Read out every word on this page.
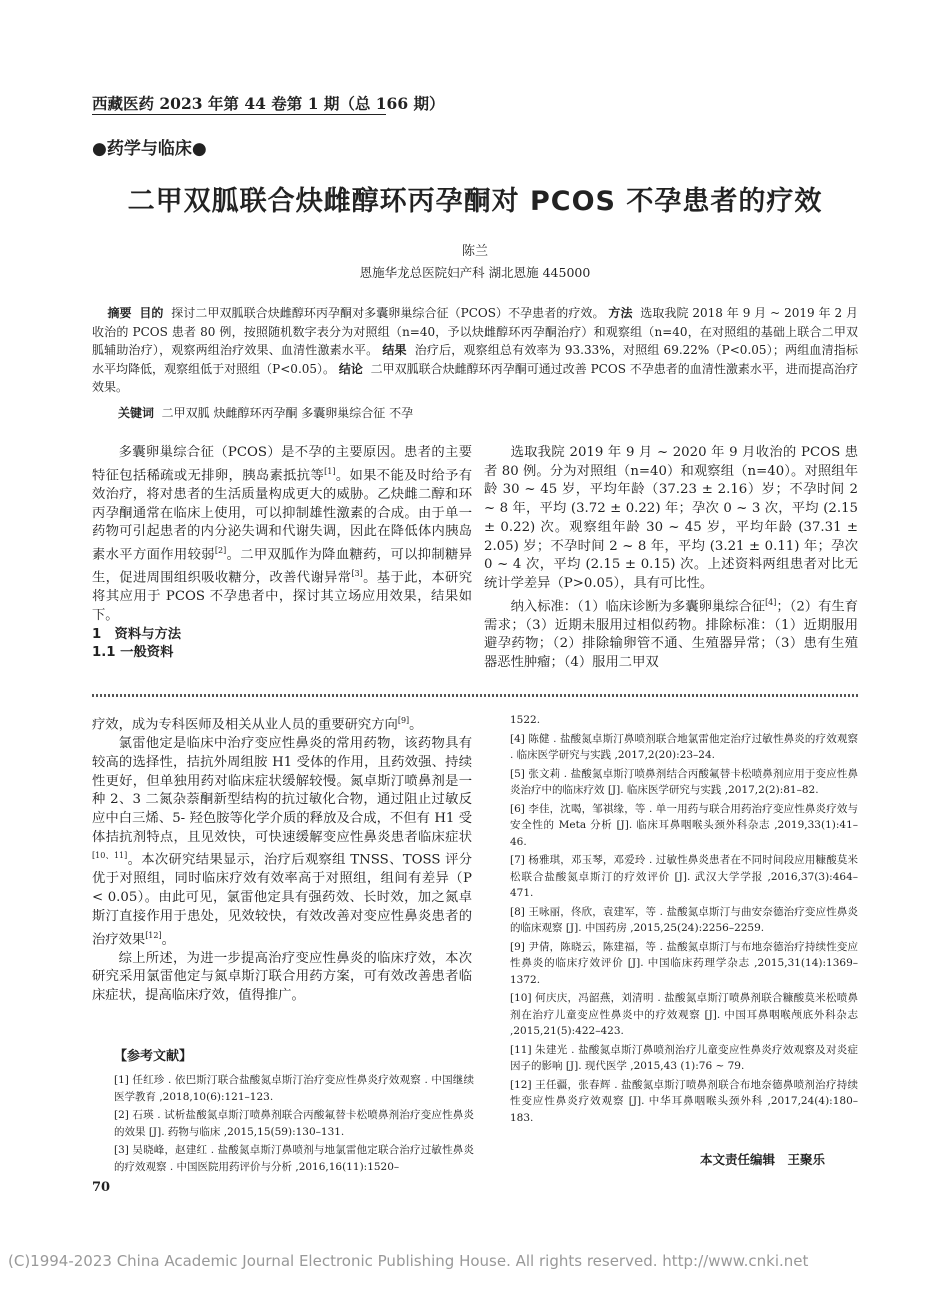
西藏医药 2023 年第 44 卷第 1 期（总 166 期）
●药学与临床●
二甲双胍联合炔雌醇环丙孕酮对 PCOS 不孕患者的疗效
陈兰
恩施华龙总医院妇产科 湖北恩施 445000
摘要 目的 探讨二甲双胍联合炔雌醇环丙孕酮对多囊卵巢综合征（PCOS）不孕患者的疗效。 方法 选取我院 2018 年 9 月 ~ 2019 年 2 月收治的 PCOS 患者 80 例，按照随机数字表分为对照组（n=40，予以炔雌醇环丙孕酮治疗）和观察组（n=40，在对照组的基础上联合二甲双胍辅助治疗），观察两组治疗效果、血清性激素水平。 结果 治疗后，观察组总有效率为 93.33%，对照组 69.22%（P<0.05）；两组血清指标水平均降低，观察组低于对照组（P<0.05）。 结论 二甲双胍联合炔雌醇环丙孕酮可通过改善 PCOS 不孕患者的血清性激素水平，进而提高治疗效果。
关键词 二甲双胍 炔雌醇环丙孕酮 多囊卵巢综合征 不孕

多囊卵巢综合征（PCOS）是不孕的主要原因。患者的主要特征包括稀疏或无排卵，胰岛素抵抗等[1]。如果不能及时给予有效治疗，将对患者的生活质量构成更大的威胁。乙炔雌二醇和环丙孕酮通常在临床上使用，可以抑制雄性激素的合成。由于单一药物可引起患者的内分泌失调和代谢失调，因此在降低体内胰岛素水平方面作用较弱[2]。二甲双胍作为降血糖药，可以抑制糖异生，促进周围组织吸收糖分，改善代谢异常[3]。基于此，本研究将其应用于 PCOS 不孕患者中，探讨其立场应用效果，结果如下。

1　资料与方法

1.1 一般资料

选取我院 2019 年 9 月 ~ 2020 年 9 月收治的 PCOS 患者 80 例。分为对照组（n=40）和观察组（n=40）。对照组年龄 30 ~ 45 岁，平均年龄（37.23 ± 2.16）岁；不孕时间 2 ~ 8 年，平均 (3.72 ± 0.22) 年；孕次 0 ~ 3 次，平均 (2.15 ± 0.22) 次。观察组年龄 30 ~ 45 岁，平均年龄 (37.31 ± 2.05) 岁；不孕时间 2 ~ 8 年，平均 (3.21 ± 0.11) 年；孕次 0 ~ 4 次，平均 (2.15 ± 0.15) 次。上述资料两组患者对比无统计学差异（P>0.05），具有可比性。

纳入标准：（1）临床诊断为多囊卵巢综合征[4]；（2）有生育需求；（3）近期未服用过相似药物。排除标准：（1）近期服用避孕药物；（2）排除输卵管不通、生殖器异常；（3）患有生殖器恶性肿瘤；（4）服用二甲双

疗效，成为专科医师及相关从业人员的重要研究方向[9]。

氯雷他定是临床中治疗变应性鼻炎的常用药物，该药物具有较高的选择性，拮抗外周组胺 H1 受体的作用，且药效强、持续性更好，但单独用药对临床症状缓解较慢。氮卓斯汀喷鼻剂是一种 2、3 二氮杂萘酮新型结构的抗过敏化合物，通过阻止过敏反应中白三烯、5- 羟色胺等化学介质的释放及合成，不但有 H1 受体拮抗剂特点，且见效快，可快速缓解变应性鼻炎患者临床症状[10、11]。本次研究结果显示，治疗后观察组 TNSS、TOSS 评分优于对照组，同时临床疗效有效率高于对照组，组间有差异（P < 0.05）。由此可见，氯雷他定具有强药效、长时效，加之氮卓斯汀直接作用于患处，见效较快，有效改善对变应性鼻炎患者的治疗效果[12]。

综上所述，为进一步提高治疗变应性鼻炎的临床疗效，本次研究采用氯雷他定与氮卓斯汀联合用药方案，可有效改善患者临床症状，提高临床疗效，值得推广。

【参考文献】

[1] 任红珍 . 依巴斯汀联合盐酸氮卓斯汀治疗变应性鼻炎疗效观察 . 中国继续医学教育 ,2018,10(6):121–123.

[2] 石瑛 . 试析盐酸氮卓斯汀喷鼻剂联合丙酸氟替卡松喷鼻剂治疗变应性鼻炎的效果 [J]. 药物与临床 ,2015,15(59):130–131.

[3] 吴晓峰，赵建红 . 盐酸氮卓斯汀鼻喷剂与地氯雷他定联合治疗过敏性鼻炎的疗效观察 . 中国医院用药评价与分析 ,2016,16(11):1520–

1522.

[4] 陈健 . 盐酸氮卓斯汀鼻喷剂联合地氯雷他定治疗过敏性鼻炎的疗效观察 . 临床医学研究与实践 ,2017,2(20):23–24.

[5] 张文莉 . 盐酸氮卓斯汀喷鼻剂结合丙酸氟替卡松喷鼻剂应用于变应性鼻炎治疗中的临床疗效 [J]. 临床医学研究与实践 ,2017,2(2):81–82.

[6] 李佳，沈喝，邹祺缘，等 . 单一用药与联合用药治疗变应性鼻炎疗效与安全性的 Meta 分析 [J]. 临床耳鼻咽喉头颈外科杂志 ,2019,33(1):41–46.

[7] 杨雅琪，邓玉琴，邓爱玲 . 过敏性鼻炎患者在不同时间段应用糠酸莫米松联合盐酸氮卓斯汀的疗效评价 [J]. 武汉大学学报 ,2016,37(3):464–471.

[8] 王咏丽，佟欣，袁建军，等 . 盐酸氮卓斯汀与曲安奈德治疗变应性鼻炎的临床观察 [J]. 中国药房 ,2015,25(24):2256–2259.

[9] 尹倩，陈晓云，陈建福，等 . 盐酸氮卓斯汀与布地奈德治疗持续性变应性鼻炎的临床疗效评价 [J]. 中国临床药理学杂志 ,2015,31(14):1369–1372.

[10] 何庆庆，冯韶燕，刘清明 . 盐酸氮卓斯汀喷鼻剂联合糠酸莫米松喷鼻剂在治疗儿童变应性鼻炎中的疗效观察 [J]. 中国耳鼻咽喉颅底外科杂志 ,2015,21(5):422–423.

[11] 朱建光 . 盐酸氮卓斯汀鼻喷剂治疗儿童变应性鼻炎疗效观察及对炎症因子的影响 [J]. 现代医学 ,2015,43 (1):76 ~ 79.

[12] 王任疆，张春辉 . 盐酸氮卓斯汀喷鼻剂联合布地奈德鼻喷剂治疗持续性变应性鼻炎疗效观察 [J]. 中华耳鼻咽喉头颈外科 ,2017,24(4):180–183.

本文责任编辑　王聚乐
70
(C)1994-2023 China Academic Journal Electronic Publishing House. All rights reserved. http://www.cnki.net
